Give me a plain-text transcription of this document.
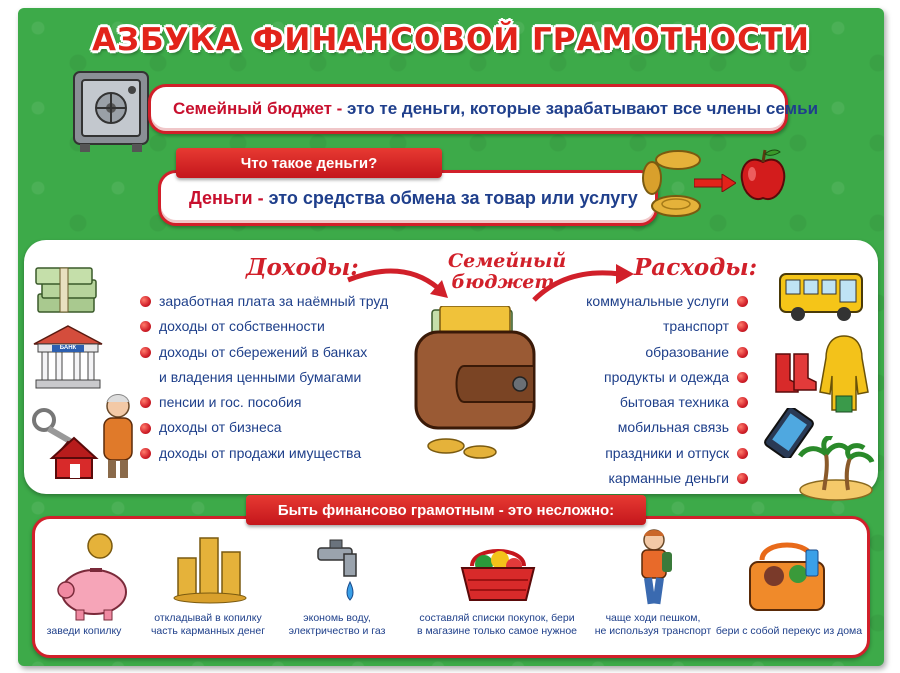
АЗБУКА ФИНАНСОВОЙ ГРАМОТНОСТИ
Семейный бюджет - это те деньги, которые зарабатывают все члены семьи
Деньги - это средства обмена за товар или услугу
Что такое деньги?
Доходы:	Семейный
бюджет
Расходы:
заработная плата за наёмный труд
доходы от собственности
доходы от сбережений в банках
и владения ценными бумагами
пенсии и гос. пособия
доходы от бизнеса
доходы от продажи имущества
коммунальные услуги
транспорт
образование
продукты и одежда
бытовая техника
мобильная связь
праздники и отпуск
карманные деньги
БАНК
Быть финансово грамотным - это несложно:
заведи копилку
откладывай в копилку
часть карманных денег
экономь воду,
электричество и газ
составляй списки покупок, бери
в магазине только самое нужное
чаще ходи пешком,
не используя транспорт бери с собой перекус из дома
